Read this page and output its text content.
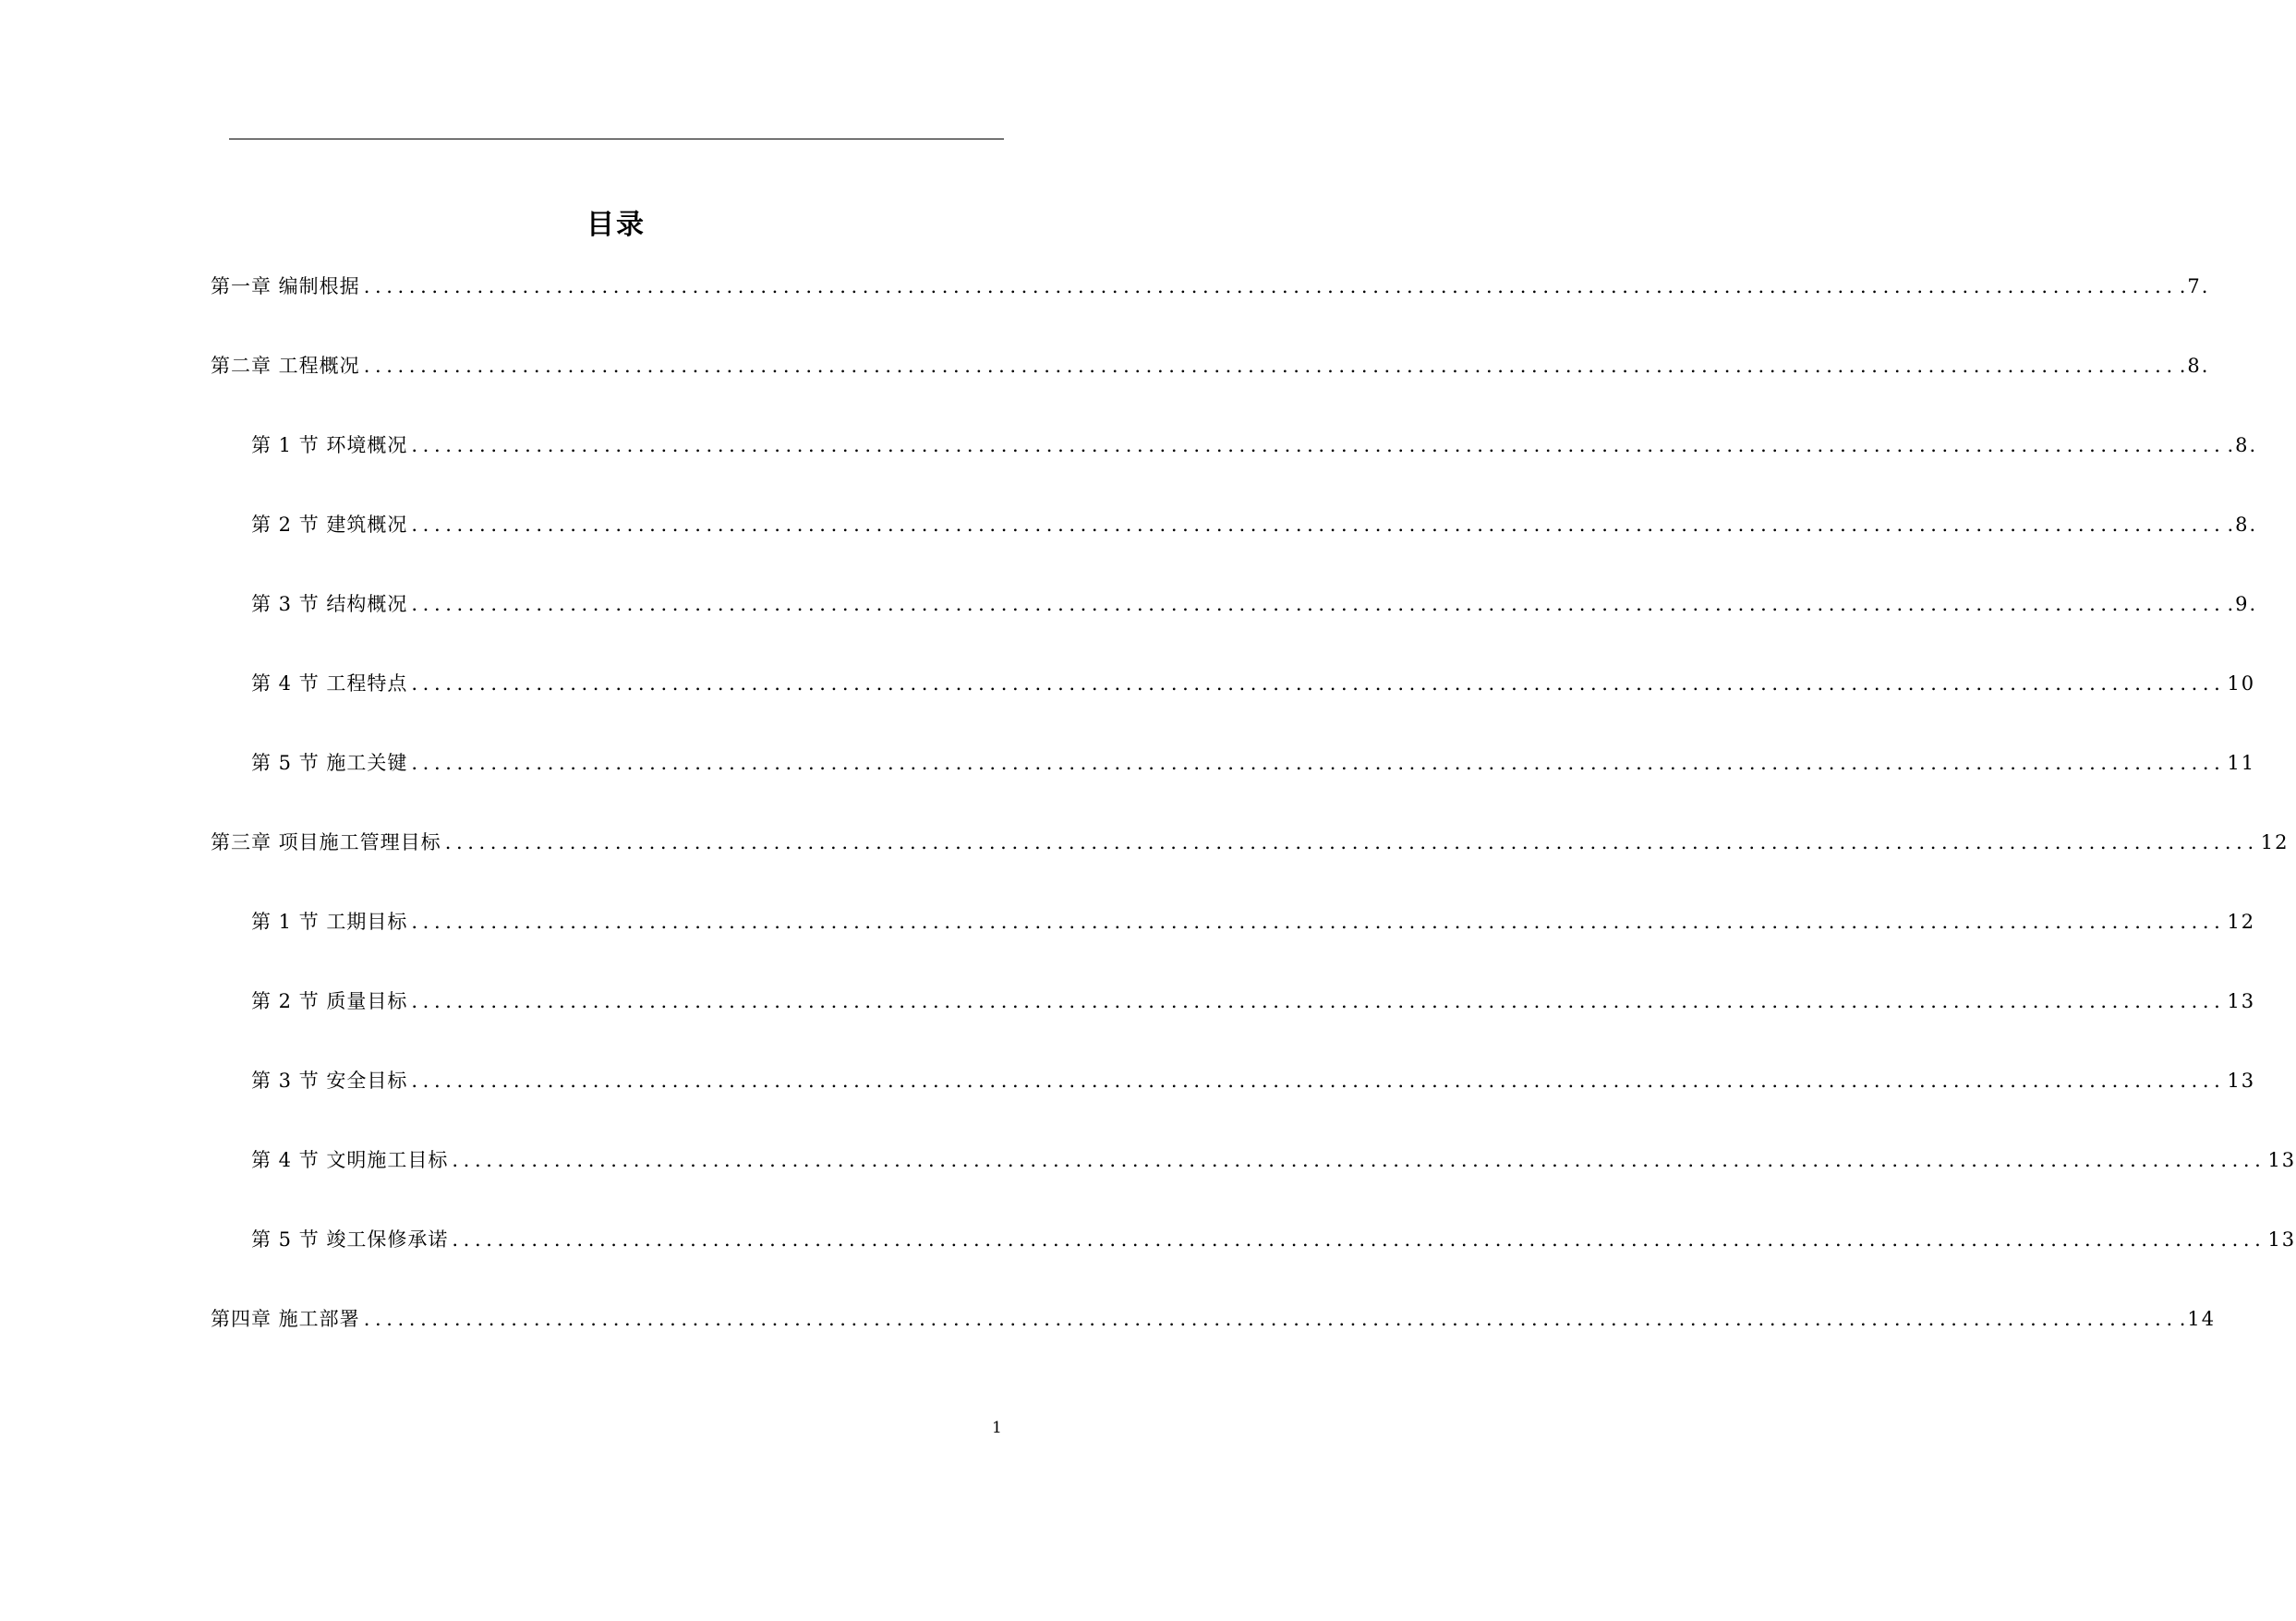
目录
第一章 编制根据 ................................................................................................................................................................ .7.
第二章 工程概况 ................................................................................................................................................................ .8.
第 1 节 环境概况 ................................................................................................................................................................ .8.
第 2 节 建筑概况 ................................................................................................................................................................ .8.
第 3 节 结构概况 ................................................................................................................................................................ .9.
第 4 节 工程特点 ................................................................................................................................................................ 10
第 5 节 施工关键 ................................................................................................................................................................ 11
第三章 项目施工管理目标 ................................................................................................................................................................ 12
第 1 节 工期目标 ................................................................................................................................................................ 12
第 2 节 质量目标 ................................................................................................................................................................ 13
第 3 节 安全目标 ................................................................................................................................................................ 13
第 4 节 文明施工目标 ................................................................................................................................................................ 13
第 5 节 竣工保修承诺 ................................................................................................................................................................ 13
第四章 施工部署 ................................................................................................................................................................ .14
1
